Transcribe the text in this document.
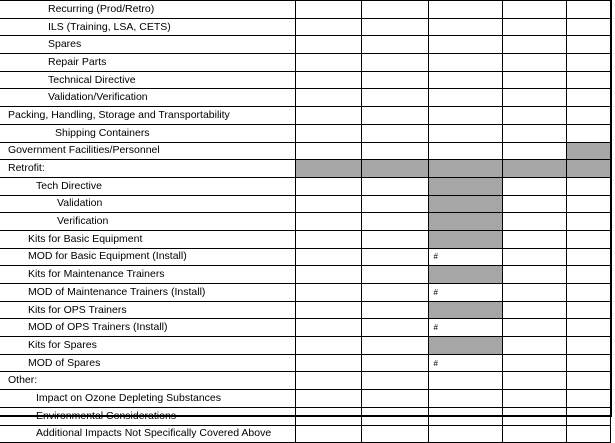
Recurring (Prod/Retro)					
ILS (Training, LSA, CETS)					
Spares					
Repair Parts					
Technical Directive					
Validation/Verification					
Packing, Handling, Storage and Transportability					
Shipping Containers					
Government Facilities/Personnel					
Retrofit:					
Tech Directive					
Validation					
Verification					
Kits for Basic Equipment					
MOD for Basic Equipment (Install)			#		
Kits for Maintenance Trainers					
MOD of Maintenance Trainers (Install)			#		
Kits for OPS Trainers					
MOD of OPS Trainers (Install)			#		
Kits for Spares					
MOD of Spares			#		
Other:					
Impact on Ozone Depleting Substances					
Environmental Considerations					
Additional Impacts Not Specifically Covered Above					
